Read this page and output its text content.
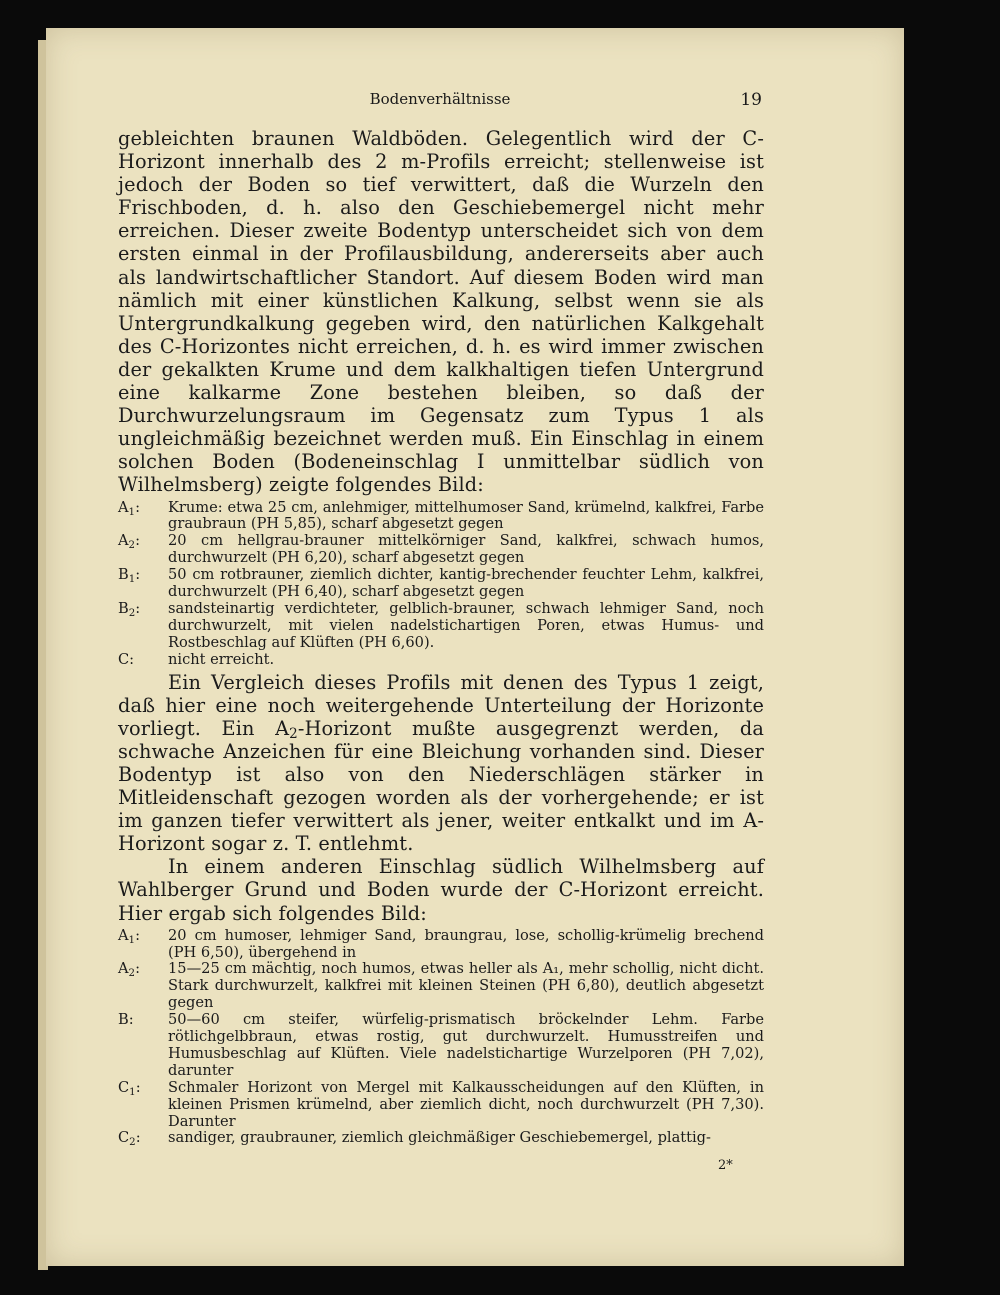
Bodenverhältnisse	19

gebleichten braunen Waldböden. Gelegentlich wird der C-Horizont innerhalb des 2 m-Profils erreicht; stellenweise ist jedoch der Boden so tief verwittert, daß die Wurzeln den Frischboden, d. h. also den Geschiebemergel nicht mehr erreichen. Dieser zweite Bodentyp unterscheidet sich von dem ersten einmal in der Profilausbildung, andererseits aber auch als landwirtschaftlicher Standort. Auf diesem Boden wird man nämlich mit einer künstlichen Kalkung, selbst wenn sie als Untergrundkalkung gegeben wird, den natürlichen Kalkgehalt des C-Horizontes nicht erreichen, d. h. es wird immer zwischen der gekalkten Krume und dem kalkhaltigen tiefen Untergrund eine kalkarme Zone bestehen bleiben, so daß der Durchwurzelungsraum im Gegensatz zum Typus 1 als ungleichmäßig bezeichnet werden muß. Ein Einschlag in einem solchen Boden (Bodeneinschlag I unmittelbar südlich von Wilhelmsberg) zeigte folgendes Bild:

$A_1$:	Krume: etwa 25 cm, anlehmiger, mittelhumoser Sand, krümelnd, kalkfrei, Farbe graubraun (PH 5,85), scharf abgesetzt gegen
$A_2$:	20 cm hellgrau-brauner mittelkörniger Sand, kalkfrei, schwach humos, durchwurzelt (PH 6,20), scharf abgesetzt gegen
$B_1$:	50 cm rotbrauner, ziemlich dichter, kantig-brechender feuchter Lehm, kalkfrei, durchwurzelt (PH 6,40), scharf abgesetzt gegen
$B_2$:	sandsteinartig verdichteter, gelblich-brauner, schwach lehmiger Sand, noch durchwurzelt, mit vielen nadelstichartigen Poren, etwas Humus- und Rostbeschlag auf Klüften (PH 6,60).
C:	nicht erreicht.

Ein Vergleich dieses Profils mit denen des Typus 1 zeigt, daß hier eine noch weitergehende Unterteilung der Horizonte vorliegt. Ein $A_2$-Horizont mußte ausgegrenzt werden, da schwache Anzeichen für eine Bleichung vorhanden sind. Dieser Bodentyp ist also von den Niederschlägen stärker in Mitleidenschaft gezogen worden als der vorhergehende; er ist im ganzen tiefer verwittert als jener, weiter entkalkt und im A-Horizont sogar z. T. entlehmt.

In einem anderen Einschlag südlich Wilhelmsberg auf Wahlberger Grund und Boden wurde der C-Horizont erreicht. Hier ergab sich folgendes Bild:

$A_1$:	20 cm humoser, lehmiger Sand, braungrau, lose, schollig-krümelig brechend (PH 6,50), übergehend in
$A_2$:	15—25 cm mächtig, noch humos, etwas heller als A₁, mehr schollig, nicht dicht. Stark durchwurzelt, kalkfrei mit kleinen Steinen (PH 6,80), deutlich abgesetzt gegen
B:	50—60 cm steifer, würfelig-prismatisch bröckelnder Lehm. Farbe rötlichgelbbraun, etwas rostig, gut durchwurzelt. Humusstreifen und Humusbeschlag auf Klüften. Viele nadelstichartige Wurzelporen (PH 7,02), darunter
$C_1$:	Schmaler Horizont von Mergel mit Kalkausscheidungen auf den Klüften, in kleinen Prismen krümelnd, aber ziemlich dicht, noch durchwurzelt (PH 7,30). Darunter
$C_2$:	sandiger, graubrauner, ziemlich gleichmäßiger Geschiebemergel, plattig-
2*
